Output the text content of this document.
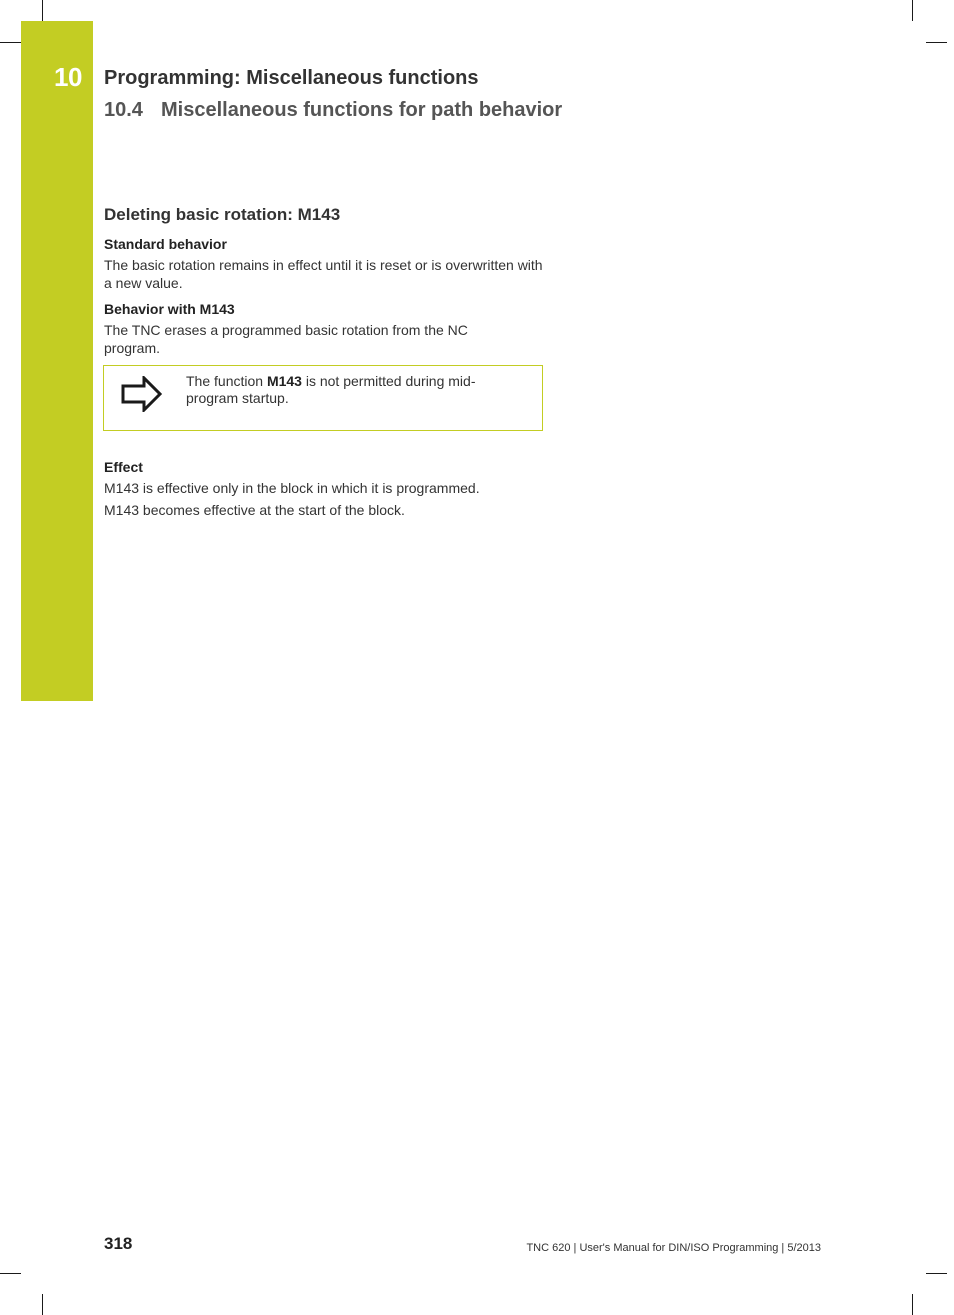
10 Programming: Miscellaneous functions
10.4 Miscellaneous functions for path behavior
Deleting basic rotation: M143
Standard behavior
The basic rotation remains in effect until it is reset or is overwritten with a new value.
Behavior with M143
The TNC erases a programmed basic rotation from the NC program.
The function M143 is not permitted during mid-program startup.
Effect
M143 is effective only in the block in which it is programmed.
M143 becomes effective at the start of the block.
318	TNC 620 | User's Manual for DIN/ISO Programming | 5/2013
